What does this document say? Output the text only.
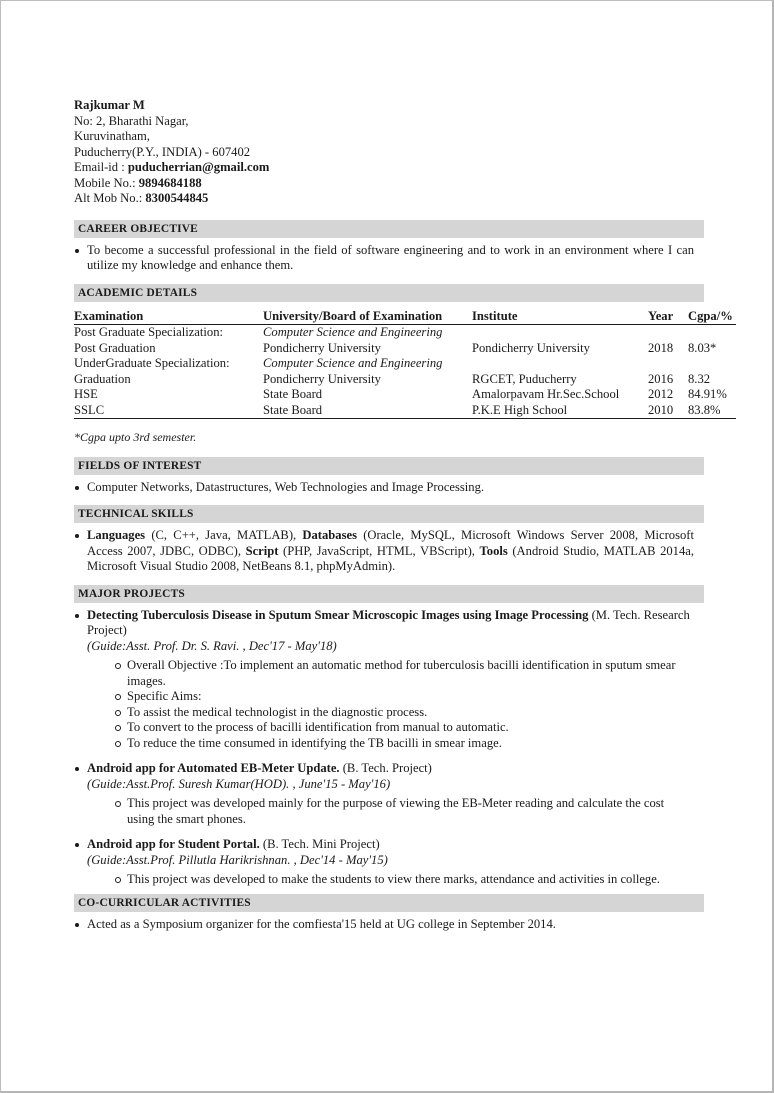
Rajkumar M
No: 2, Bharathi Nagar,
Kuruvinatham,
Puducherry(P.Y., INDIA) - 607402
Email-id : puducherrian@gmail.com
Mobile No.: 9894684188
Alt Mob No.: 8300544845
CAREER OBJECTIVE
To become a successful professional in the field of software engineering and to work in an environment where I can utilize my knowledge and enhance them.
ACADEMIC DETAILS
Examination	University/Board of Examination	Institute	Year	Cgpa/%
Post Graduate Specialization:	Computer Science and Engineering			
Post Graduation	Pondicherry University	Pondicherry University	2018	8.03*
UnderGraduate Specialization:	Computer Science and Engineering			
Graduation	Pondicherry University	RGCET, Puducherry	2016	8.32
HSE	State Board	Amalorpavam Hr.Sec.School	2012	84.91%
SSLC	State Board	P.K.E High School	2010	83.8%
*Cgpa upto 3rd semester.
FIELDS OF INTEREST
Computer Networks, Datastructures, Web Technologies and Image Processing.
TECHNICAL SKILLS
Languages (C, C++, Java, MATLAB), Databases (Oracle, MySQL, Microsoft Windows Server 2008, Microsoft Access 2007, JDBC, ODBC), Script (PHP, JavaScript, HTML, VBScript), Tools (Android Studio, MATLAB 2014a, Microsoft Visual Studio 2008, NetBeans 8.1, phpMyAdmin).
MAJOR PROJECTS
Detecting Tuberculosis Disease in Sputum Smear Microscopic Images using Image Processing (M. Tech. Research Project)
(Guide:Asst. Prof. Dr. S. Ravi. , Dec'17 - May'18)
Overall Objective :To implement an automatic method for tuberculosis bacilli identification in sputum smear images.
Specific Aims:
To assist the medical technologist in the diagnostic process.
To convert to the process of bacilli identification from manual to automatic.
To reduce the time consumed in identifying the TB bacilli in smear image.
Android app for Automated EB-Meter Update. (B. Tech. Project)
(Guide:Asst.Prof. Suresh Kumar(HOD). , June'15 - May'16)
This project was developed mainly for the purpose of viewing the EB-Meter reading and calculate the cost using the smart phones.
Android app for Student Portal. (B. Tech. Mini Project)
(Guide:Asst.Prof. Pillutla Harikrishnan. , Dec'14 - May'15)
This project was developed to make the students to view there marks, attendance and activities in college.
CO-CURRICULAR ACTIVITIES
Acted as a Symposium organizer for the comfiesta'15 held at UG college in September 2014.
